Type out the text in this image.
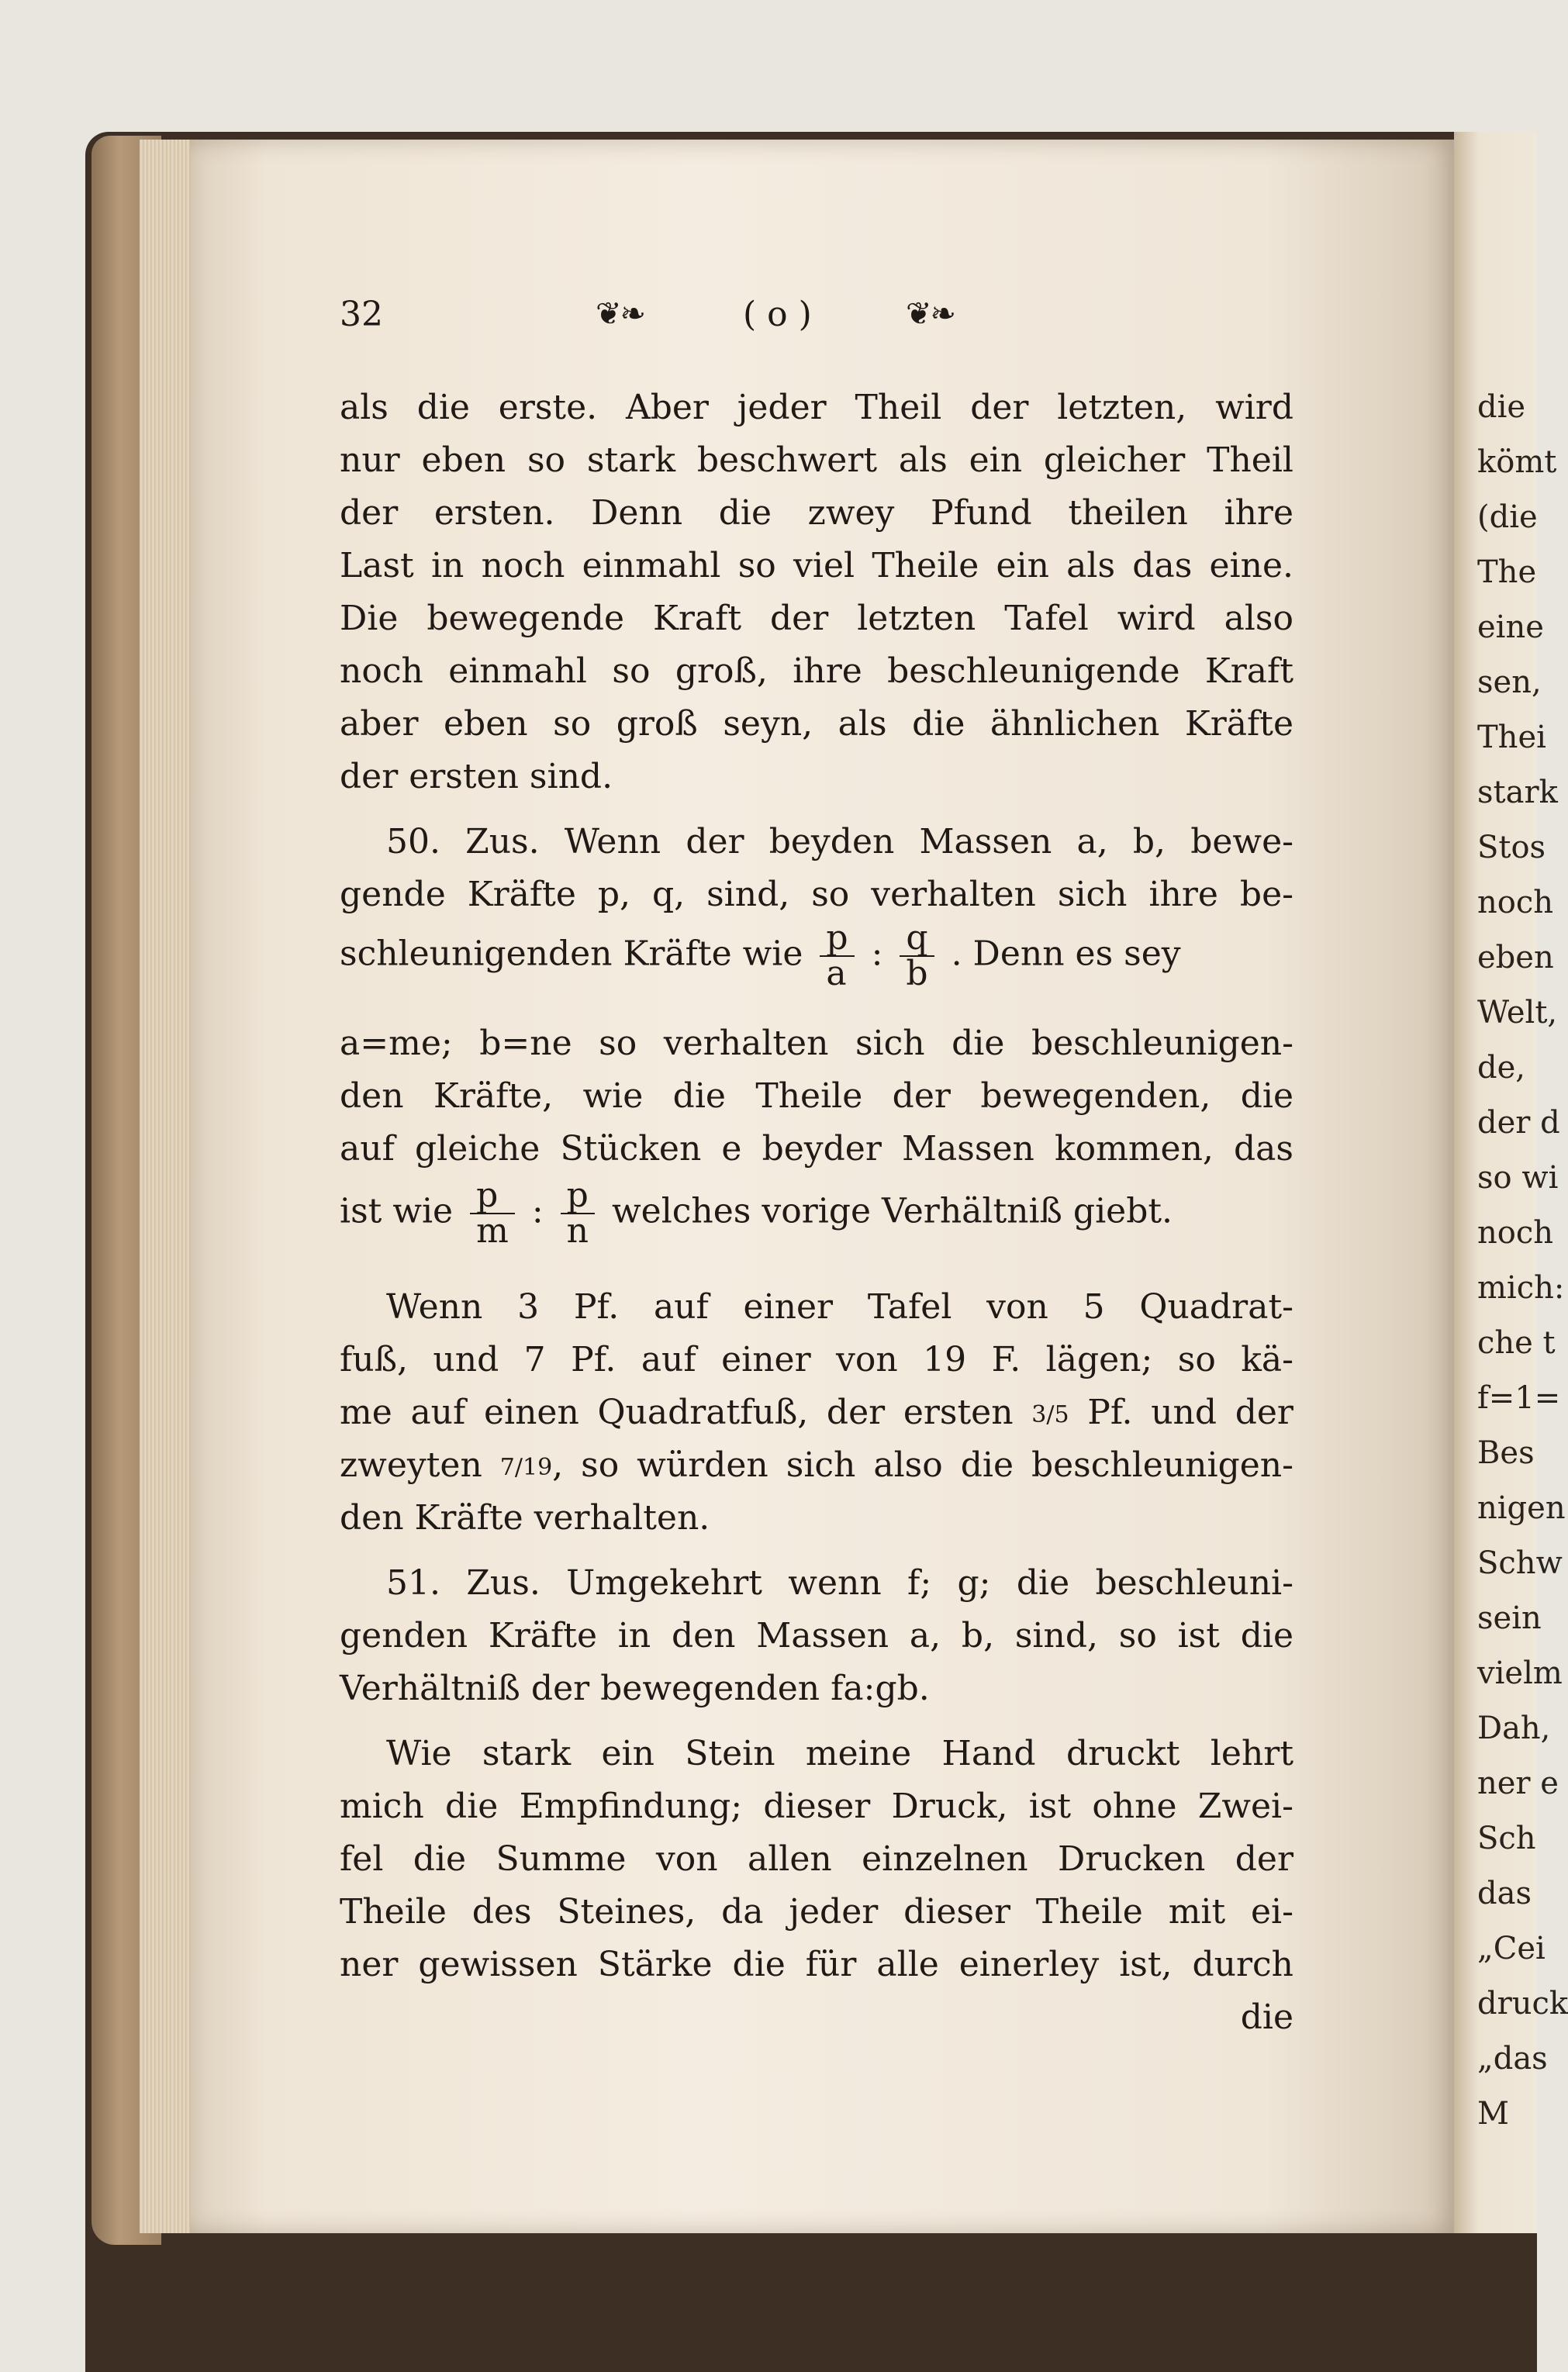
die
kömt
(die
The
eine
sen,
Thei
stark
Stos
noch
eben
Welt,
de,
der d
so wi
noch
mich:
che t
f=1=
Bes
nigen
Schw
sein
vielm
Dah,
ner e
Sch
das
„Cei
druck
„das
M
32	❦❧	( o )	❦❧
als die erste. Aber jeder Theil der letzten, wird
nur eben so stark beschwert als ein gleicher Theil
der ersten. Denn die zwey Pfund theilen ihre
Last in noch einmahl so viel Theile ein als das eine.
Die bewegende Kraft der letzten Tafel wird also
noch einmahl so groß, ihre beschleunigende Kraft
aber eben so groß seyn, als die ähnlichen Kräfte
der ersten sind.
50. Zus. Wenn der beyden Massen a, b, bewe-
gende Kräfte p, q, sind, so verhalten sich ihre be-
schleunigenden Kräfte wie $\frac{p}{a}$ : $\frac{q}{b}$ . Denn es sey
a=me; b=ne so verhalten sich die beschleunigen-
den Kräfte, wie die Theile der bewegenden, die
auf gleiche Stücken e beyder Massen kommen, das
ist wie $\frac{p}{m}$ : $\frac{p}{n}$ welches vorige Verhältniß giebt.
Wenn 3 Pf. auf einer Tafel von 5 Quadrat-
fuß, und 7 Pf. auf einer von 19 F. lägen; so kä-
me auf einen Quadratfuß, der ersten 3/5 Pf. und der
zweyten 7/19, so würden sich also die beschleunigen-
den Kräfte verhalten.
51. Zus. Umgekehrt wenn f; g; die beschleuni-
genden Kräfte in den Massen a, b, sind, so ist die
Verhältniß der bewegenden fa:gb.
Wie stark ein Stein meine Hand druckt lehrt
mich die Empfindung; dieser Druck, ist ohne Zwei-
fel die Summe von allen einzelnen Drucken der
Theile des Steines, da jeder dieser Theile mit ei-
ner gewissen Stärke die für alle einerley ist, durch
die
